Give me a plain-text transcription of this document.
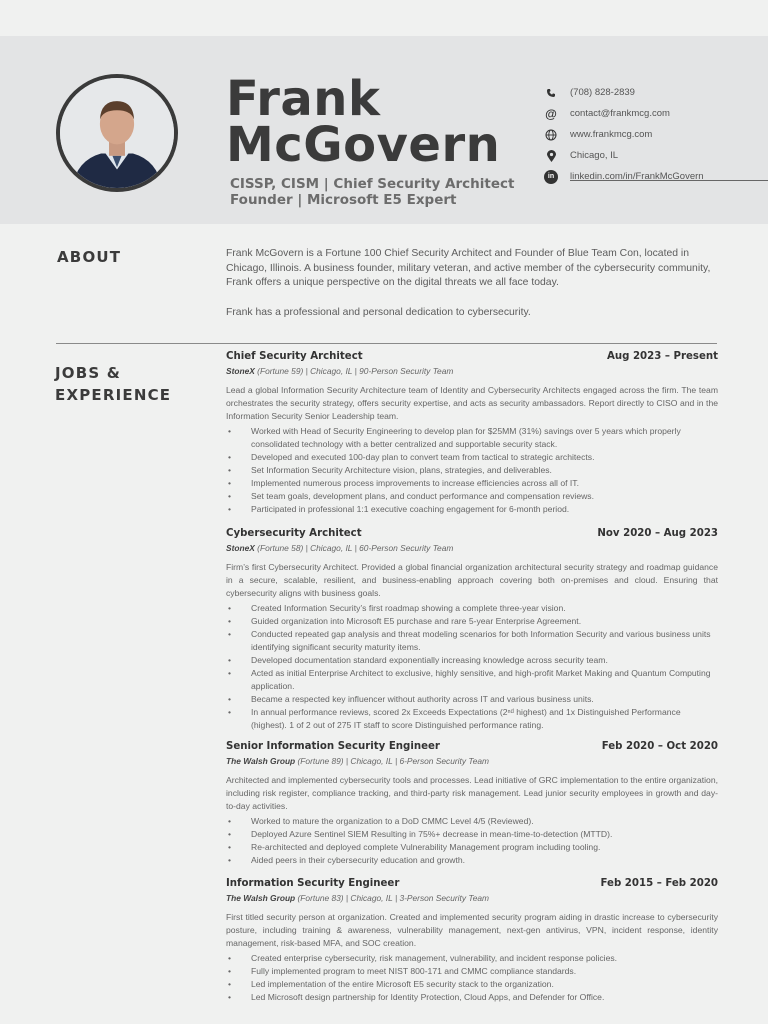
Frank
McGovern
CISSP, CISM | Chief Security Architect
Founder | Microsoft E5 Expert
(708) 828-2839
@ contact@frankmcg.com
www.frankmcg.com
Chicago, IL
in	linkedin.com/in/FrankMcGovern
ABOUT	Frank McGovern is a Fortune 100 Chief Security Architect and Founder of Blue Team Con, located in Chicago, Illinois. A business founder, military veteran, and active member of the cybersecurity community, Frank offers a unique perspective on the digital threats we all face today.

Frank has a professional and personal dedication to cybersecurity.

JOBS &
EXPERIENCE
Chief Security Architect	Aug 2023 – Present
StoneX (Fortune 59) | Chicago, IL | 90-Person Security Team
Lead a global Information Security Architecture team of Identity and Cybersecurity Architects engaged across the firm. The team orchestrates the security strategy, offers security expertise, and acts as security ambassadors. Report directly to CISO and in the Information Security Senior Leadership team.
• Worked with Head of Security Engineering to develop plan for $25MM (31%) savings over 5 years which properly consolidated technology with a better centralized and supportable security stack.
• Developed and executed 100-day plan to convert team from tactical to strategic architects.
• Set Information Security Architecture vision, plans, strategies, and deliverables.
• Implemented numerous process improvements to increase efficiencies across all of IT.
• Set team goals, development plans, and conduct performance and compensation reviews.
• Participated in professional 1:1 executive coaching engagement for 6-month period.
Cybersecurity Architect	Nov 2020 – Aug 2023
StoneX (Fortune 58) | Chicago, IL | 60-Person Security Team
Firm’s first Cybersecurity Architect. Provided a global financial organization architectural security strategy and roadmap guidance in a secure, scalable, resilient, and business-enabling approach covering both on-premises and cloud. Ensuring that cybersecurity aligns with business goals.
• Created Information Security’s first roadmap showing a complete three-year vision.
• Guided organization into Microsoft E5 purchase and rare 5-year Enterprise Agreement.
• Conducted repeated gap analysis and threat modeling scenarios for both Information Security and various business units identifying significant security maturity items.
• Developed documentation standard exponentially increasing knowledge across security team.
• Acted as initial Enterprise Architect to exclusive, highly sensitive, and high-profit Market Making and Quantum Computing application.
• Became a respected key influencer without authority across IT and various business units.
• In annual performance reviews, scored 2x Exceeds Expectations (2ⁿᵈ highest) and 1x Distinguished Performance (highest). 1 of 2 out of 275 IT staff to score Distinguished performance rating.
Senior Information Security Engineer	Feb 2020 – Oct 2020
The Walsh Group (Fortune 89) | Chicago, IL | 6-Person Security Team
Architected and implemented cybersecurity tools and processes. Lead initiative of GRC implementation to the entire organization, including risk register, compliance tracking, and third-party risk management. Lead junior security employees in growth and day-to-day activities.
• Worked to mature the organization to a DoD CMMC Level 4/5 (Reviewed).
• Deployed Azure Sentinel SIEM Resulting in 75%+ decrease in mean-time-to-detection (MTTD).
• Re-architected and deployed complete Vulnerability Management program including tooling.
• Aided peers in their cybersecurity education and growth.
Information Security Engineer	Feb 2015 – Feb 2020
The Walsh Group (Fortune 83) | Chicago, IL | 3-Person Security Team
First titled security person at organization. Created and implemented security program aiding in drastic increase to cybersecurity posture, including training & awareness, vulnerability management, next-gen antivirus, VPN, incident response, identity management, risk-based MFA, and SOC creation.
• Created enterprise cybersecurity, risk management, vulnerability, and incident response policies.
• Fully implemented program to meet NIST 800-171 and CMMC compliance standards.
• Led implementation of the entire Microsoft E5 security stack to the organization.
• Led Microsoft design partnership for Identity Protection, Cloud Apps, and Defender for Office.
